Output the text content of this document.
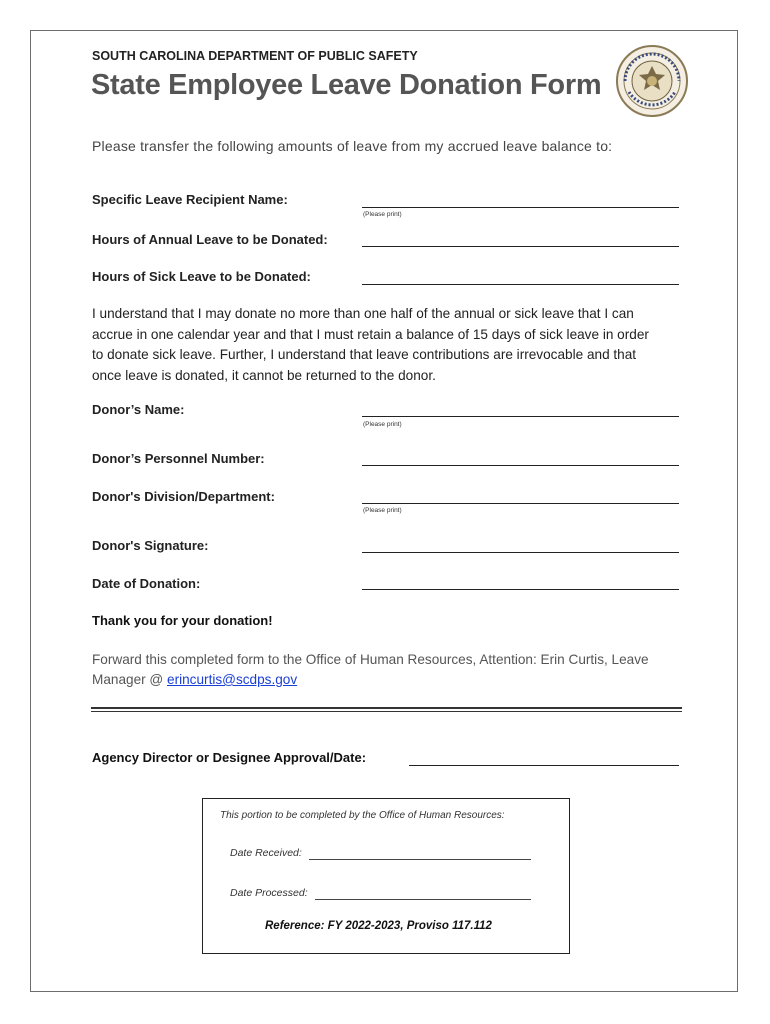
SOUTH CAROLINA DEPARTMENT OF PUBLIC SAFETY
State Employee Leave Donation Form
Please transfer the following amounts of leave from my accrued leave balance to:
Specific Leave Recipient Name:
(Please print)
Hours of Annual Leave to be Donated:
Hours of Sick Leave to be Donated:
I understand that I may donate no more than one half of the annual or sick leave that I can
accrue in one calendar year and that I must retain a balance of 15 days of sick leave in order
to donate sick leave. Further, I understand that leave contributions are irrevocable and that
once leave is donated, it cannot be returned to the donor.
Donor’s Name:
(Please print)
Donor’s Personnel Number:
Donor's Division/Department:
(Please print)
Donor's Signature:
Date of Donation:
Thank you for your donation!
Forward this completed form to the Office of Human Resources, Attention: Erin Curtis, Leave
Manager @ erincurtis@scdps.gov
Agency Director or Designee Approval/Date:
This portion to be completed by the Office of Human Resources:
Date Received:
Date Processed:
Reference: FY 2022-2023, Proviso 117.112
